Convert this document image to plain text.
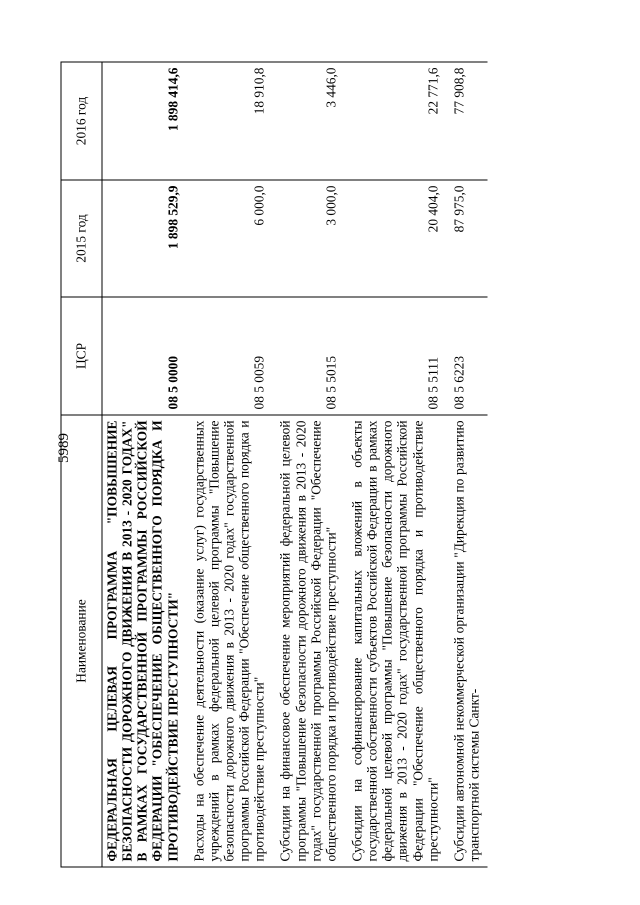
5989
Наименование	ЦСР	2015 год	2016 год
ФЕДЕРАЛЬНАЯ ЦЕЛЕВАЯ ПРОГРАММА "ПОВЫШЕНИЕ БЕЗОПАСНОСТИ ДОРОЖНОГО ДВИЖЕНИЯ В 2013 - 2020 ГОДАХ" В РАМКАХ ГОСУДАРСТВЕННОЙ ПРОГРАММЫ РОССИЙСКОЙ ФЕДЕРАЦИИ "ОБЕСПЕЧЕНИЕ ОБЩЕСТВЕННОГО ПОРЯДКА И ПРОТИВОДЕЙСТВИЕ ПРЕСТУПНОСТИ"	08 5 0000	1 898 529,9	1 898 414,6
Расходы на обеспечение деятельности (оказание услуг) государственных учреждений в рамках федеральной целевой программы "Повышение безопасности дорожного движения в 2013 - 2020 годах" государственной программы Российской Федерации "Обеспечение общественного порядка и противодействие преступности"	08 5 0059	6 000,0	18 910,8
Субсидии на финансовое обеспечение мероприятий федеральной целевой программы "Повышение безопасности дорожного движения в 2013 - 2020 годах" государственной программы Российской Федерации "Обеспечение общественного порядка и противодействие преступности"	08 5 5015	3 000,0	3 446,0
Субсидии на софинансирование капитальных вложений в объекты государственной собственности субъектов Российской Федерации в рамках федеральной целевой программы "Повышение безопасности дорожного движения в 2013 - 2020 годах" государственной программы Российской Федерации "Обеспечение общественного порядка и противодействие преступности"	08 5 5111	20 404,0	22 771,6
Субсидии автономной некоммерческой организации "Дирекция по развитию транспортной системы Санкт-	08 5 6223	87 975,0	77 908,8
